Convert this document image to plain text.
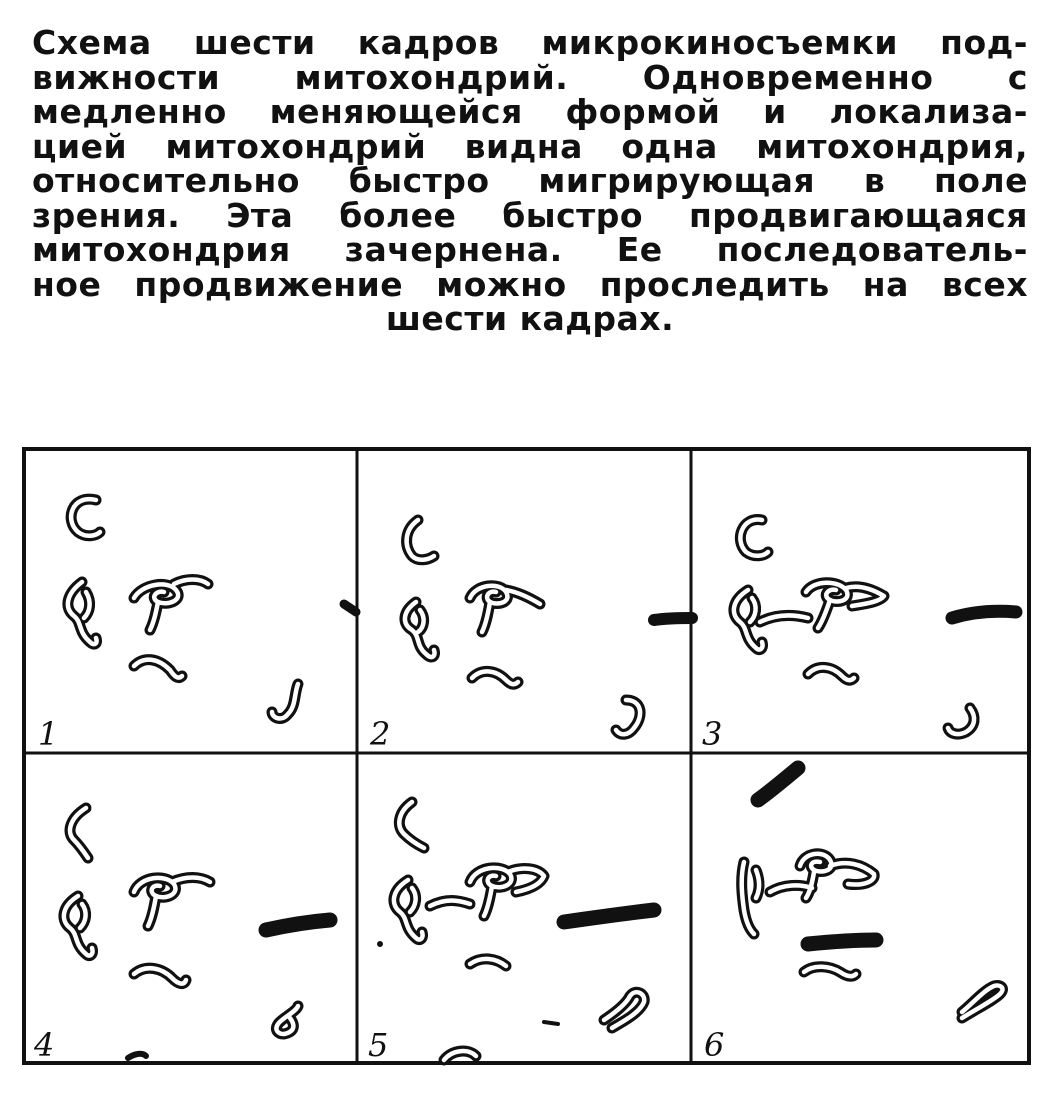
Схема шести кадров микрокиносъемки под-
вижности митохондрий. Одновременно с
медленно меняющейся формой и локализа-
цией митохондрий видна одна митохондрия,
относительно быстро мигрирующая в поле
зрения. Эта более быстро продвигающаяся
митохондрия зачернена. Ее последователь-
ное продвижение можно проследить на всех
шести кадрах.
1	2	3
4	5	6
